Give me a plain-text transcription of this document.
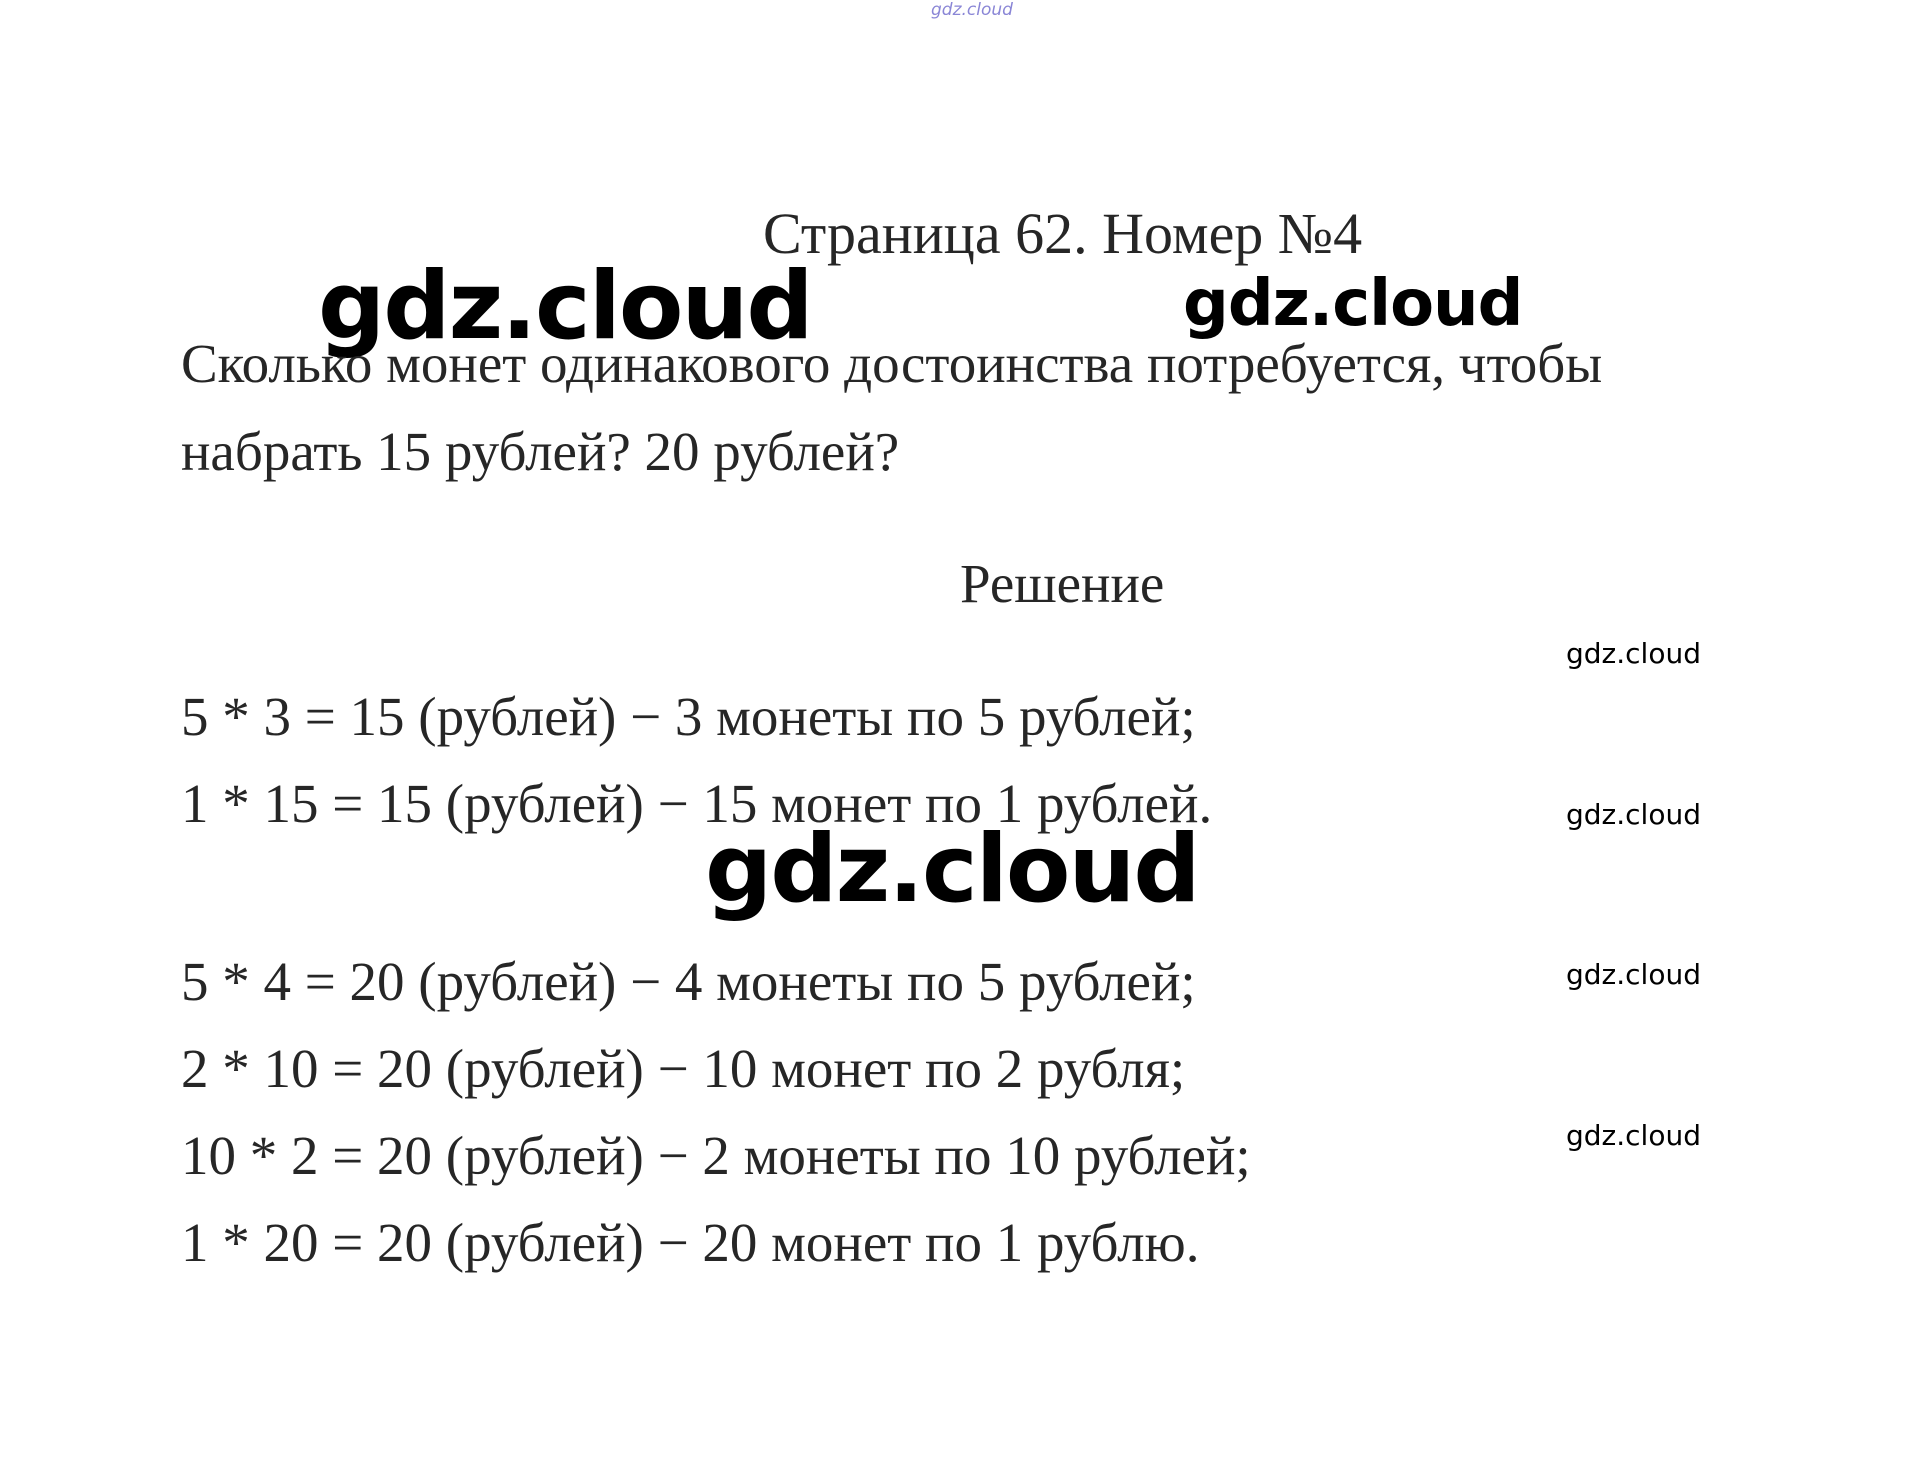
gdz.cloud
Страница 62. Номер №4
gdz.cloud	gdz.cloud
Сколько монет одинакового достоинства потребуется, чтобы
набрать 15 рублей? 20 рублей?
Решение
gdz.cloud
5 * 3 = 15 (рублей) − 3 монеты по 5 рублей;
1 * 15 = 15 (рублей) − 15 монет по 1 рублей.	gdz.cloud
gdz.cloud
5 * 4 = 20 (рублей) − 4 монеты по 5 рублей;	gdz.cloud
2 * 10 = 20 (рублей) − 10 монет по 2 рубля;
10 * 2 = 20 (рублей) − 2 монеты по 10 рублей;	gdz.cloud
1 * 20 = 20 (рублей) − 20 монет по 1 рублю.
